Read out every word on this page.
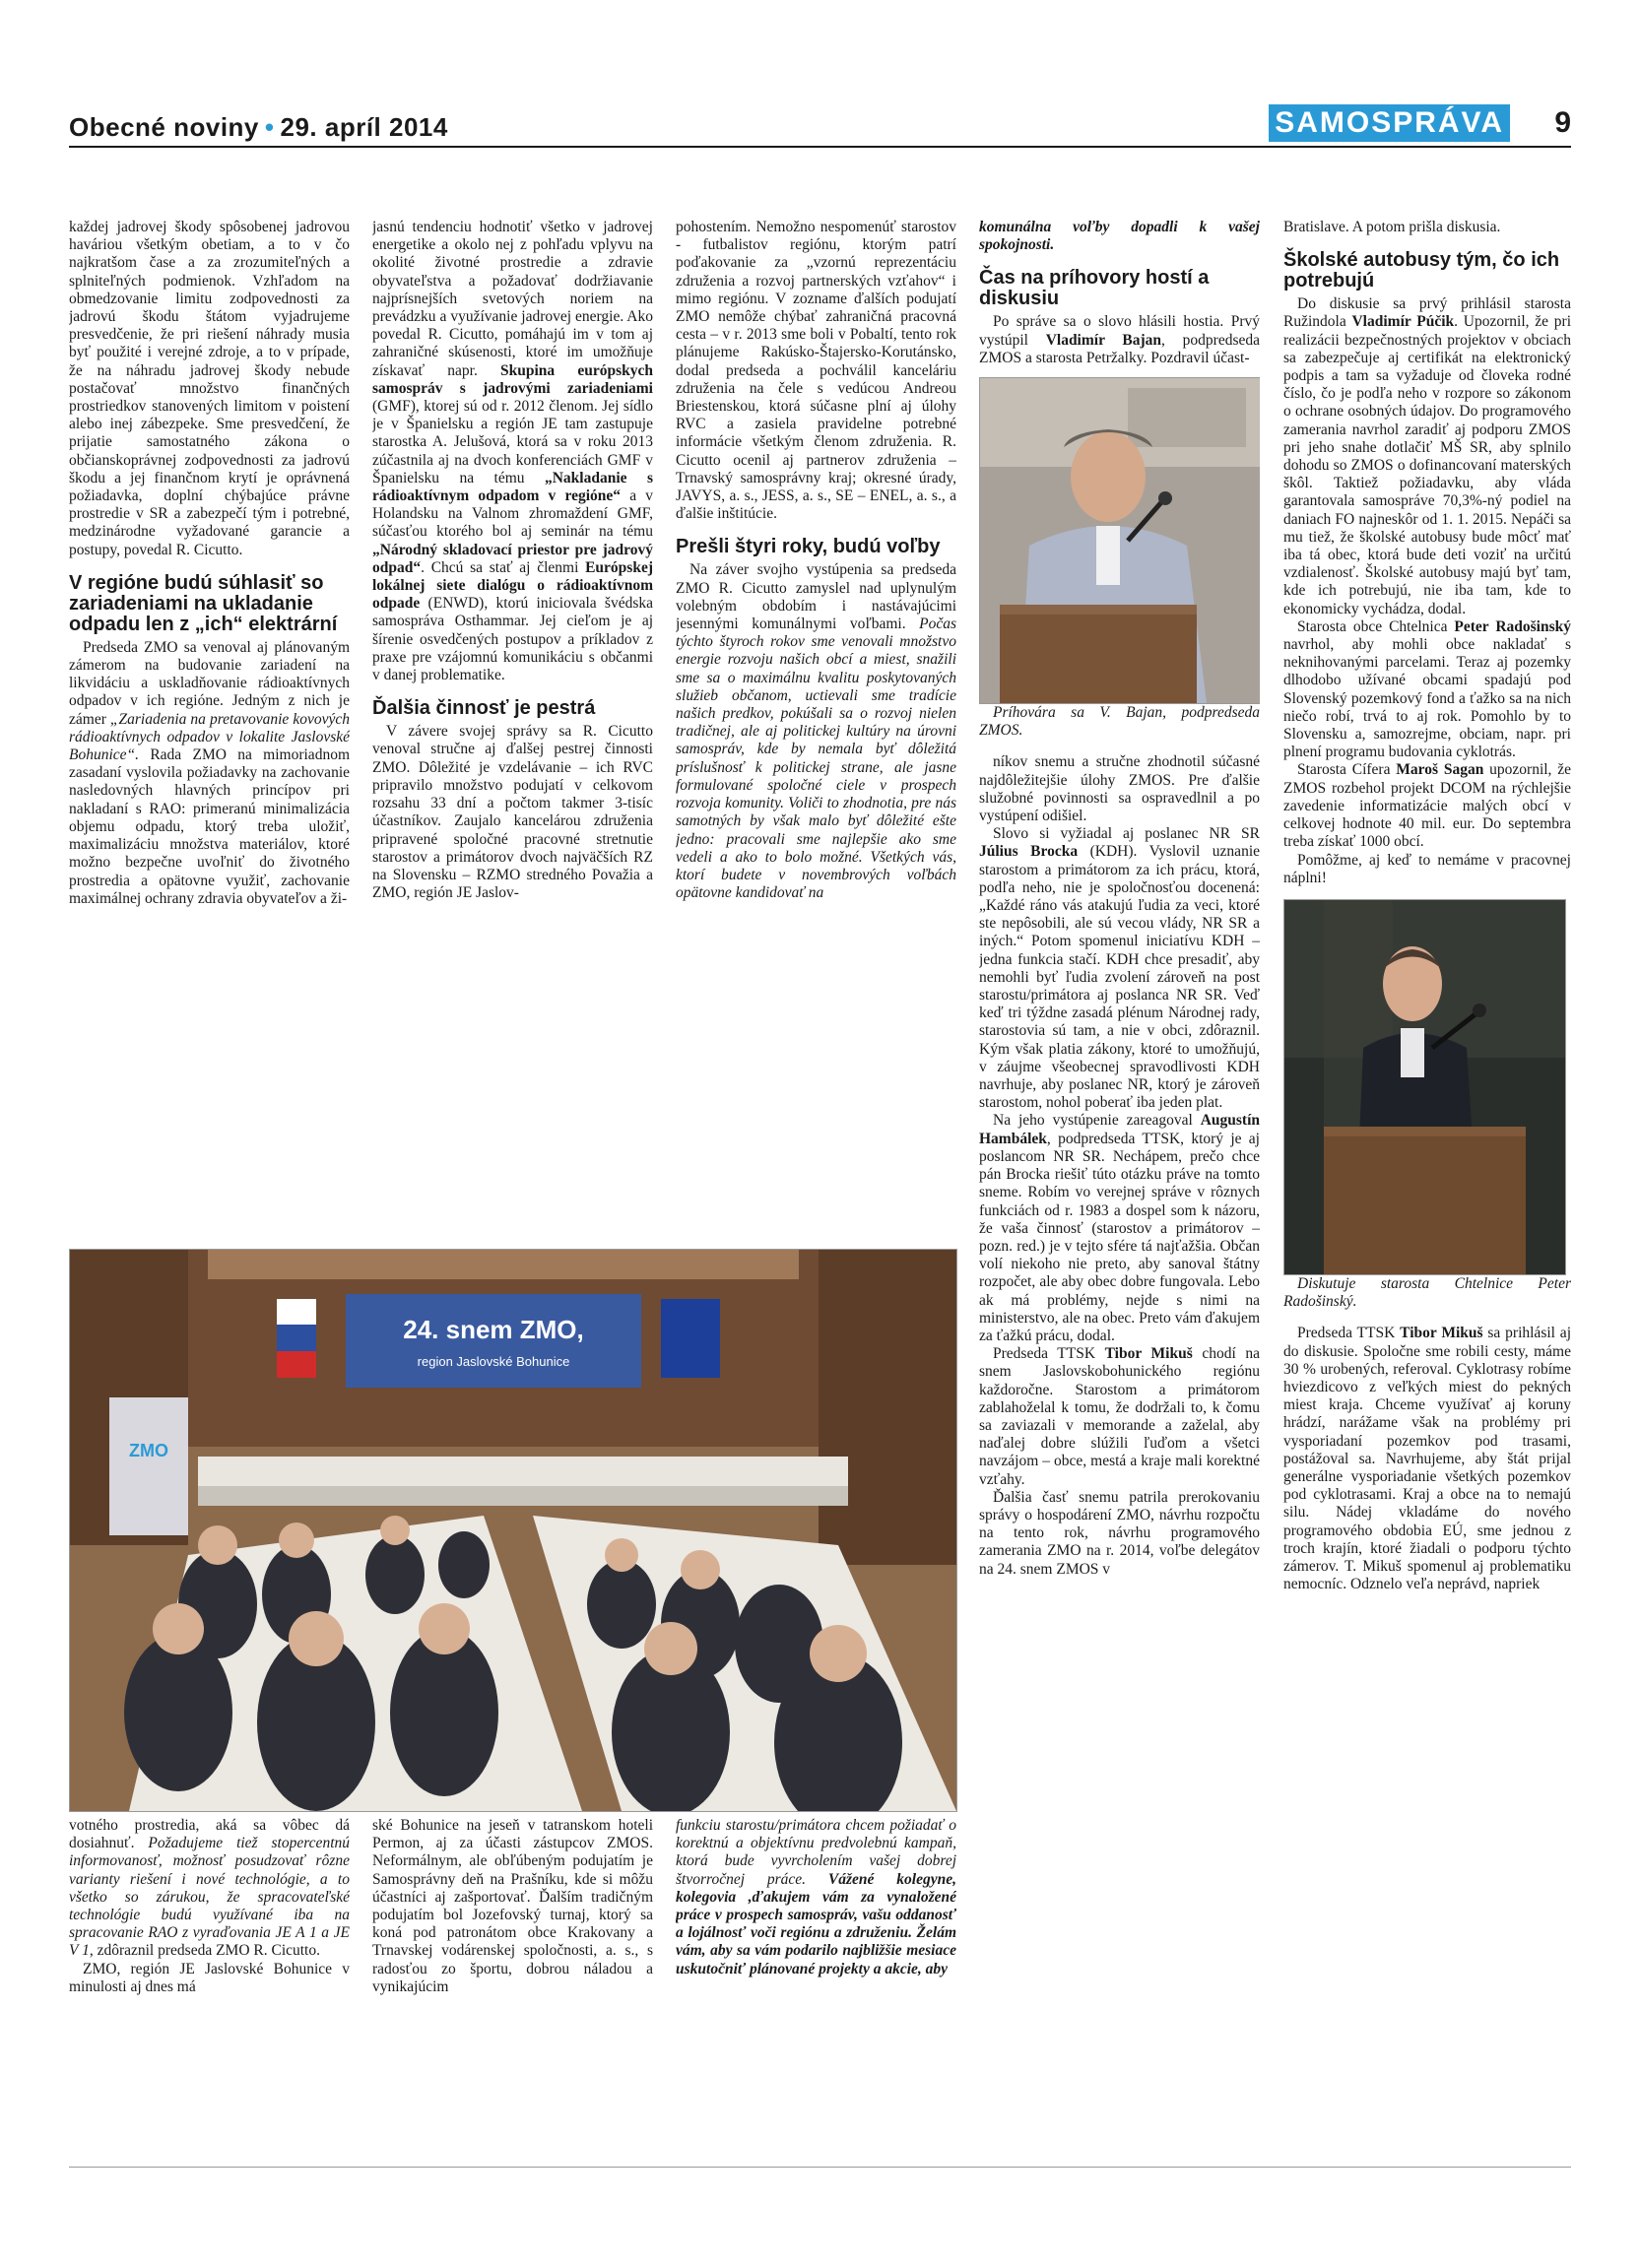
Obecné noviny • 29. apríl 2014	SAMOSPRÁVA 9

každej jadrovej škody spôsobenej jadrovou haváriou všetkým obetiam, a to v čo najkratšom čase a za zrozumiteľných a splniteľných podmienok. Vzhľadom na obmedzovanie limitu zodpovednosti za jadrovú škodu štátom vyjadrujeme presvedčenie, že pri riešení náhrady musia byť použité i verejné zdroje, a to v prípade, že na náhradu jadrovej škody nebude postačovať množstvo finančných prostriedkov stanovených limitom v poistení alebo inej zábezpeke. Sme presvedčení, že prijatie samostatného zákona o občianskoprávnej zodpovednosti za jadrovú škodu a jej finančnom krytí je oprávnená požiadavka, doplní chýbajúce právne prostredie v SR a zabezpečí tým i potrebné, medzinárodne vyžadované garancie a postupy, povedal R. Cicutto.

V regióne budú súhlasiť so zariadeniami na ukladanie odpadu len z „ich“ elektrární

Predseda ZMO sa venoval aj plánovaným zámerom na budovanie zariadení na likvidáciu a uskladňovanie rádioaktívnych odpadov v ich regióne. Jedným z nich je zámer „Zariadenia na pretavovanie kovových rádioaktívnych odpadov v lokalite Jaslovské Bohunice“. Rada ZMO na mimoriadnom zasadaní vyslovila požiadavky na zachovanie nasledovných hlavných princípov pri nakladaní s RAO: primeranú minimalizácia objemu odpadu, ktorý treba uložiť, maximalizáciu množstva materiálov, ktoré možno bezpečne uvoľniť do životného prostredia a opätovne využiť, zachovanie maximálnej ochrany zdravia obyvateľov a ži-

jasnú tendenciu hodnotiť všetko v jadrovej energetike a okolo nej z pohľadu vplyvu na okolité životné prostredie a zdravie obyvateľstva a požadovať dodržiavanie najprísnejších svetových noriem na prevádzku a využívanie jadrovej energie. Ako povedal R. Cicutto, pomáhajú im v tom aj zahraničné skúsenosti, ktoré im umožňuje získavať napr. Skupina európskych samospráv s jadrovými zariadeniami (GMF), ktorej sú od r. 2012 členom. Jej sídlo je v Španielsku a región JE tam zastupuje starostka A. Jelušová, ktorá sa v roku 2013 zúčastnila aj na dvoch konferenciách GMF v Španielsku na tému „Nakladanie s rádioaktívnym odpadom v regióne“ a v Holandsku na Valnom zhromaždení GMF, súčasťou ktorého bol aj seminár na tému „Národný skladovací priestor pre jadrový odpad“. Chcú sa stať aj členmi Európskej lokálnej siete dialógu o rádioaktívnom odpade (ENWD), ktorú iniciovala švédska samospráva Osthammar. Jej cieľom je aj šírenie osvedčených postupov a príkladov z praxe pre vzájomnú komunikáciu s občanmi v danej problematike.

Ďalšia činnosť je pestrá

V závere svojej správy sa R. Cicutto venoval stručne aj ďalšej pestrej činnosti ZMO. Dôležité je vzdelávanie – ich RVC pripravilo množstvo podujatí v celkovom rozsahu 33 dní a počtom takmer 3-tisíc účastníkov. Zaujalo kancelárou združenia pripravené spoločné pracovné stretnutie starostov a primátorov dvoch najväčších RZ na Slovensku – RZMO stredného Považia a ZMO, región JE Jaslov-

pohostením. Nemožno nespomenúť starostov - futbalistov regiónu, ktorým patrí poďakovanie za „vzornú reprezentáciu združenia a rozvoj partnerských vzťahov“ i mimo regiónu. V zozname ďalších podujatí ZMO nemôže chýbať zahraničná pracovná cesta – v r. 2013 sme boli v Pobaltí, tento rok plánujeme Rakúsko-Štajersko-Korutánsko, dodal predseda a pochválil kanceláriu združenia na čele s vedúcou Andreou Briestenskou, ktorá súčasne plní aj úlohy RVC a zasiela pravidelne potrebné informácie všetkým členom združenia. R. Cicutto ocenil aj partnerov združenia – Trnavský samosprávny kraj; okresné úrady, JAVYS, a. s., JESS, a. s., SE – ENEL, a. s., a ďalšie inštitúcie.

Prešli štyri roky, budú voľby

Na záver svojho vystúpenia sa predseda ZMO R. Cicutto zamyslel nad uplynulým volebným obdobím i nastávajúcimi jesennými komunálnymi voľbami. Počas týchto štyroch rokov sme venovali množstvo energie rozvoju našich obcí a miest, snažili sme sa o maximálnu kvalitu poskytovaných služieb občanom, uctievali sme tradície našich predkov, pokúšali sa o rozvoj nielen tradičnej, ale aj politickej kultúry na úrovni samospráv, kde by nemala byť dôležitá príslušnosť k politickej strane, ale jasne formulované spoločné ciele v prospech rozvoja komunity. Voliči to zhodnotia, pre nás samotných by však malo byť dôležité ešte jedno: pracovali sme najlepšie ako sme vedeli a ako to bolo možné. Všetkých vás, ktorí budete v novembrových voľbách opätovne kandidovať na

komunálna voľby dopadli k vašej spokojnosti.

Čas na príhovory hostí a diskusiu

Po správe sa o slovo hlásili hostia. Prvý vystúpil Vladimír Bajan, podpredseda ZMOS a starosta Petržalky. Pozdravil účast-

Príhovára sa V. Bajan, podpredseda ZMOS.

níkov snemu a stručne zhodnotil súčasné najdôležitejšie úlohy ZMOS. Pre ďalšie služobné povinnosti sa ospravedlnil a po vystúpení odišiel.

Slovo si vyžiadal aj poslanec NR SR Július Brocka (KDH). Vyslovil uznanie starostom a primátorom za ich prácu, ktorá, podľa neho, nie je spoločnosťou docenená: „Každé ráno vás atakujú ľudia za veci, ktoré ste nepôsobili, ale sú vecou vlády, NR SR a iných.“ Potom spomenul iniciatívu KDH – jedna funkcia stačí. KDH chce presadiť, aby nemohli byť ľudia zvolení zároveň na post starostu/primátora aj poslanca NR SR. Veď keď tri týždne zasadá plénum Národnej rady, starostovia sú tam, a nie v obci, zdôraznil. Kým však platia zákony, ktoré to umožňujú, v záujme všeobecnej spravodlivosti KDH navrhuje, aby poslanec NR, ktorý je zároveň starostom, nohol poberať iba jeden plat.

Na jeho vystúpenie zareagoval Augustín Hambálek, podpredseda TTSK, ktorý je aj poslancom NR SR. Nechápem, prečo chce pán Brocka riešiť túto otázku práve na tomto sneme. Robím vo verejnej správe v rôznych funkciách od r. 1983 a dospel som k názoru, že vaša činnosť (starostov a primátorov – pozn. red.) je v tejto sfére tá najťažšia. Občan volí niekoho nie preto, aby sanoval štátny rozpočet, ale aby obec dobre fungovala. Lebo ak má problémy, nejde s nimi na ministerstvo, ale na obec. Preto vám ďakujem za ťažkú prácu, dodal.

Predseda TTSK Tibor Mikuš chodí na snem Jaslovskobohunického regiónu každoročne. Starostom a primátorom zablahoželal k tomu, že dodržali to, k čomu sa zaviazali v memorande a zaželal, aby naďalej dobre slúžili ľuďom a všetci navzájom – obce, mestá a kraje mali korektné vzťahy.

Ďalšia časť snemu patrila prerokovaniu správy o hospodárení ZMO, návrhu rozpočtu na tento rok, návrhu programového zamerania ZMO na r. 2014, voľbe delegátov na 24. snem ZMOS v

Bratislave. A potom prišla diskusia.

Školské autobusy tým, čo ich potrebujú

Do diskusie sa prvý prihlásil starosta Ružindola Vladimír Púčik. Upozornil, že pri realizácii bezpečnostných projektov v obciach sa zabezpečuje aj certifikát na elektronický podpis a tam sa vyžaduje od človeka rodné číslo, čo je podľa neho v rozpore so zákonom o ochrane osobných údajov. Do programového zamerania navrhol zaradiť aj podporu ZMOS pri jeho snahe dotlačiť MŠ SR, aby splnilo dohodu so ZMOS o dofinancovaní materských škôl. Taktiež požiadavku, aby vláda garantovala samospráve 70,3%-ný podiel na daniach FO najneskôr od 1. 1. 2015. Nepáči sa mu tiež, že školské autobusy bude môcť mať iba tá obec, ktorá bude deti voziť na určitú vzdialenosť. Školské autobusy majú byť tam, kde ich potrebujú, nie iba tam, kde to ekonomicky vychádza, dodal.

Starosta obce Chtelnica Peter Radošinský navrhol, aby mohli obce nakladať s neknihovanými parcelami. Teraz aj pozemky dlhodobo užívané obcami spadajú pod Slovenský pozemkový fond a ťažko sa na nich niečo robí, trvá to aj rok. Pomohlo by to Slovensku a, samozrejme, obciam, napr. pri plnení programu budovania cyklotrás.

Starosta Cífera Maroš Sagan upozornil, že ZMOS rozbehol projekt DCOM na rýchlejšie zavedenie informatizácie malých obcí v celkovej hodnote 40 mil. eur. Do septembra treba získať 1000 obcí.

Pomôžme, aj keď to nemáme v pracovnej náplni!

Diskutuje starosta Chtelnice Peter Radošinský.

Predseda TTSK Tibor Mikuš sa prihlásil aj do diskusie. Spoločne sme robili cesty, máme 30 % urobených, referoval. Cyklotrasy robíme hviezdicovo z veľkých miest do pekných miest kraja. Chceme využívať aj koruny hrádzí, narážame však na problémy pri vysporiadaní pozemkov pod trasami, postážoval sa. Navrhujeme, aby štát prijal generálne vysporiadanie všetkých pozemkov pod cyklotrasami. Kraj a obce na to nemajú silu. Nádej vkladáme do nového programového obdobia EÚ, sme jednou z troch krajín, ktoré žiadali o podporu týchto zámerov. T. Mikuš spomenul aj problematiku nemocníc. Odznelo veľa neprávd, napriek

24. snem ZMO,
region Jaslovské Bohunice
ZMO

votného prostredia, aká sa vôbec dá dosiahnuť. Požadujeme tiež stopercentnú informovanosť, možnosť posudzovať rôzne varianty riešení i nové technológie, a to všetko so zárukou, že spracovateľské technológie budú využívané iba na spracovanie RAO z vyraďovania JE A 1 a JE V 1, zdôraznil predseda ZMO R. Cicutto.

ZMO, región JE Jaslovské Bohunice v minulosti aj dnes má

ské Bohunice na jeseň v tatranskom hoteli Permon, aj za účasti zástupcov ZMOS. Neformálnym, ale obľúbeným podujatím je Samosprávny deň na Prašníku, kde si môžu účastníci aj zašportovať. Ďalším tradičným podujatím bol Jozefovský turnaj, ktorý sa koná pod patronátom obce Krakovany a Trnavskej vodárenskej spoločnosti, a. s., s radosťou zo športu, dobrou náladou a vynikajúcim

funkciu starostu/primátora chcem požiadať o korektnú a objektívnu predvolebnú kampaň, ktorá bude vyvrcholením vašej dobrej štvorročnej práce. Vážené kolegyne, kolegovia ,ďakujem vám za vynaložené práce v prospech samospráv, vašu oddanosť a lojálnosť voči regiónu a združeniu. Želám vám, aby sa vám podarilo najbližšie mesiace uskutočniť plánované projekty a akcie, aby
